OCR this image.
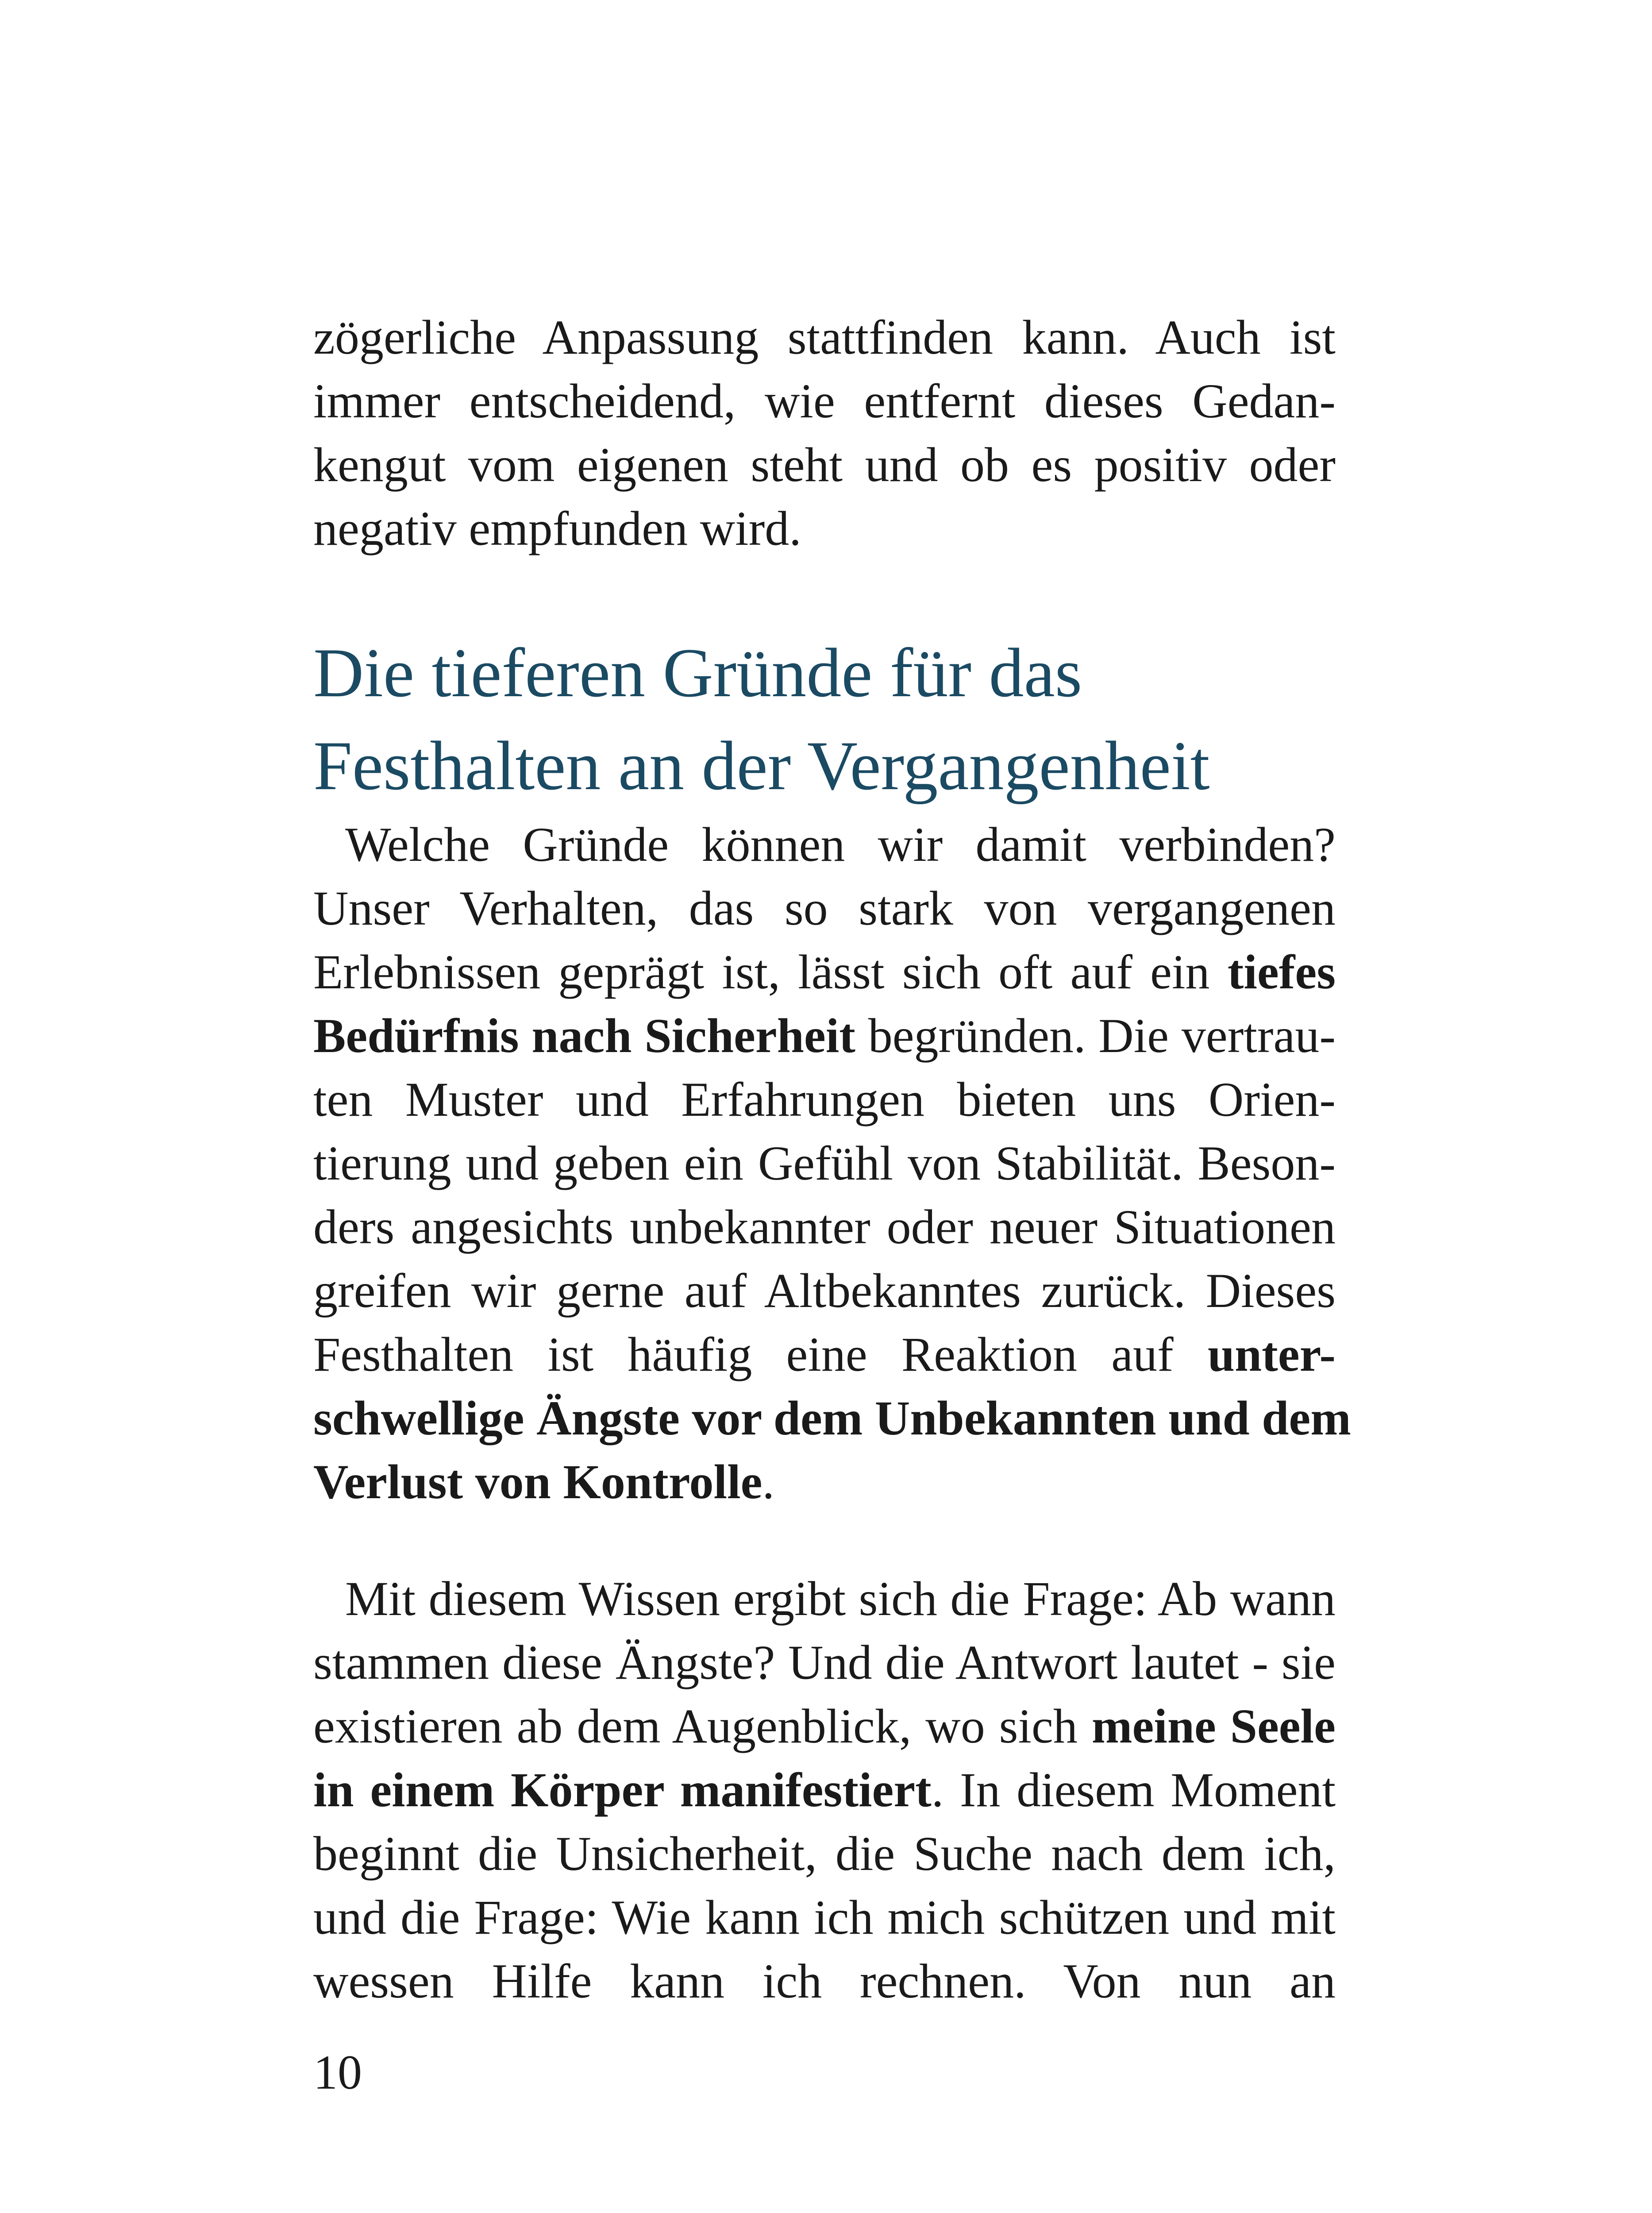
zögerliche Anpassung stattfinden kann. Auch ist
immer entscheidend, wie entfernt dieses Gedan-
kengut vom eigenen steht und ob es positiv oder
negativ empfunden wird.
Die tieferen Gründe für das
Festhalten an der Vergangenheit
Welche Gründe können wir damit verbinden?
Unser Verhalten, das so stark von vergangenen
Erlebnissen geprägt ist, lässt sich oft auf ein tiefes
Bedürfnis nach Sicherheit begründen. Die vertrau-
ten Muster und Erfahrungen bieten uns Orien-
tierung und geben ein Gefühl von Stabilität. Beson-
ders angesichts unbekannter oder neuer Situationen
greifen wir gerne auf Altbekanntes zurück. Dieses
Festhalten ist häufig eine Reaktion auf unter-
schwellige Ängste vor dem Unbekannten und dem
Verlust von Kontrolle.
Mit diesem Wissen ergibt sich die Frage: Ab wann
stammen diese Ängste? Und die Antwort lautet - sie
existieren ab dem Augenblick, wo sich meine Seele
in einem Körper manifestiert. In diesem Moment
beginnt die Unsicherheit, die Suche nach dem ich,
und die Frage: Wie kann ich mich schützen und mit
wessen Hilfe kann ich rechnen. Von nun an
10
